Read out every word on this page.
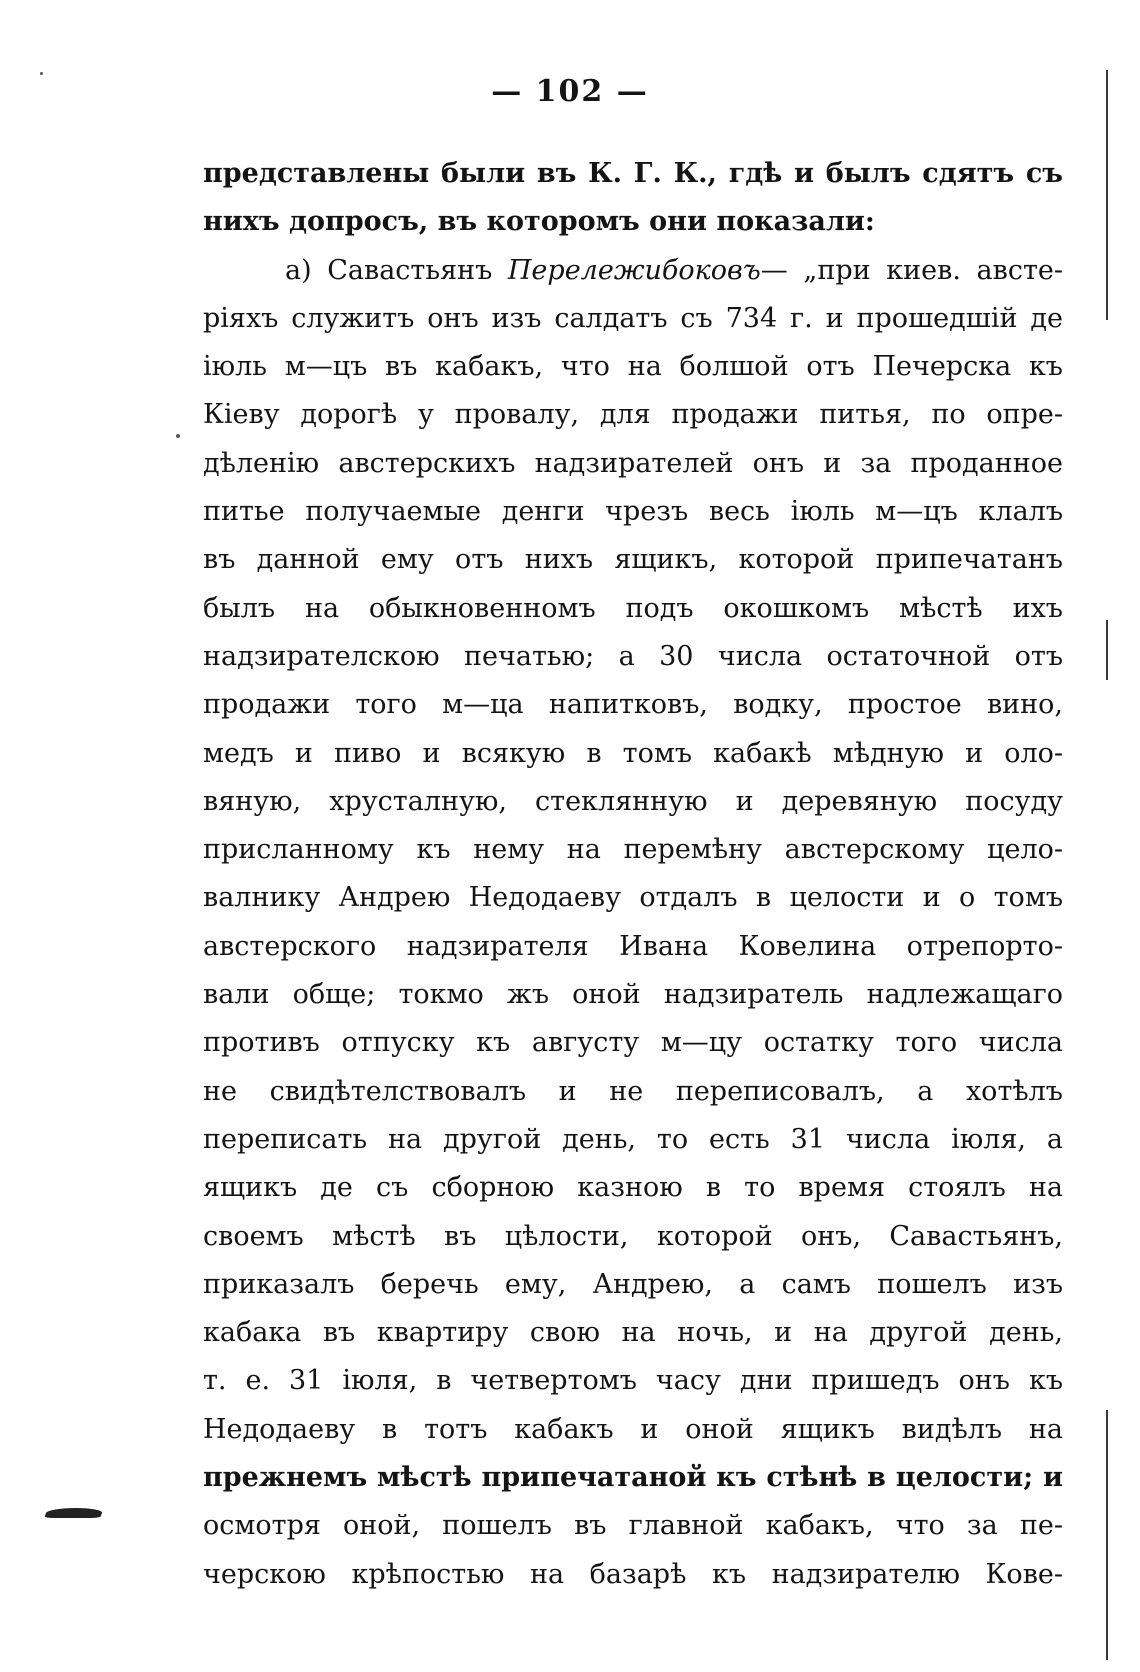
— 102 —
представлены были въ К. Г. К., гдѣ и былъ сдятъ съ
нихъ допросъ, въ которомъ они показали:
а) Савастьянъ Перележибоковъ— „при киев. австе-
ріяхъ служитъ онъ изъ салдатъ съ 734 г. и прошедшій де
іюль м—цъ въ кабакъ, что на болшой отъ Печерска къ
Кіеву дорогѣ у провалу, для продажи питья, по опре-
дѣленію австерскихъ надзирателей онъ и за проданное
питье получаемые денги чрезъ весь іюль м—цъ клалъ
въ данной ему отъ нихъ ящикъ, которой припечатанъ
былъ на обыкновенномъ подъ окошкомъ мѣстѣ ихъ
надзирателскою печатью; а 30 числа остаточной отъ
продажи того м—ца напитковъ, водку, простое вино,
медъ и пиво и всякую в томъ кабакѣ мѣдную и оло-
вяную, хрусталную, стеклянную и деревяную посуду
присланному къ нему на перемѣну австерскому цело-
валнику Андрею Недодаеву отдалъ в целости и о томъ
австерского надзирателя Ивана Ковелина отрепорто-
вали обще; токмо жъ оной надзиратель надлежащаго
противъ отпуску къ августу м—цу остатку того числа
не свидѣтелствовалъ и не переписовалъ, а хотѣлъ
переписать на другой день, то есть 31 числа іюля, а
ящикъ де съ сборною казною в то время стоялъ на
своемъ мѣстѣ въ цѣлости, которой онъ, Савастьянъ,
приказалъ беречь ему, Андрею, а самъ пошелъ изъ
кабака въ квартиру свою на ночь, и на другой день,
т. е. 31 іюля, в четвертомъ часу дни пришедъ онъ къ
Недодаеву в тотъ кабакъ и оной ящикъ видѣлъ на
прежнемъ мѣстѣ припечатаной къ стѣнѣ в целости; и
осмотря оной, пошелъ въ главной кабакъ, что за пе-
черскою крѣпостью на базарѣ къ надзирателю Кове-
